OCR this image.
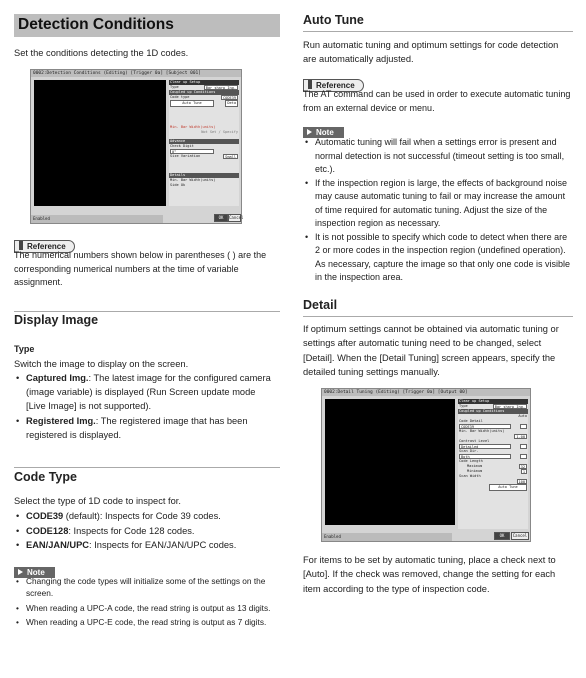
Detection Conditions

Set the conditions detecting the 1D codes.

0002:Detection Conditions (Editing) [Trigger 0a] [Subject 001]
Clear up Setup
Type	Bar sharp Ing.
Coupled up Conditions
Code type	CODE39
Auto Tune	Deta
Min. Bar Width(units)
Not Set / Specify
Advance
Check Digit
0°
Size Variation	Small
Details
Min. Bar Width(units)
Side Ok
Enabled	OK	Cancel
Reference

The numerical numbers shown below in parentheses ( ) are the corresponding numerical numbers at the time of variable assignment.

Display Image
Type
Switch the image to display on the screen.
• Captured Img.: The latest image for the configured camera (image variable) is displayed (Run Screen update mode [Live Image] is not supported).
• Registered Img.: The registered image that has been registered is displayed.
Code Type

Select the type of 1D code to inspect for.

• CODE39 (default): Inspects for Code 39 codes.
• CODE128: Inspects for Code 128 codes.
• EAN/JAN/UPC: Inspects for EAN/JAN/UPC codes.
Note
• Changing the code types will initialize some of the settings on the screen.
• When reading a UPC-A code, the read string is output as 13 digits.
• When reading a UPC-E code, the read string is output as 7 digits.
Auto Tune

Run automatic tuning and optimum settings for code detection are automatically adjusted.

Reference

The AT command can be used in order to execute automatic tuning from an external device or menu.

Note
• Automatic tuning will fail when a settings error is present and normal detection is not successful (timeout setting is too small, etc.).
• If the inspection region is large, the effects of background noise may cause automatic tuning to fail or may increase the amount of time required for automatic tuning. Adjust the size of the inspection region as necessary.
• It is not possible to specify which code to detect when there are 2 or more codes in the inspection region (undefined operation). As necessary, capture the image so that only one code is visible in the inspection area.
Detail

If optimum settings cannot be obtained via automatic tuning or settings after automatic tuning need to be changed, select [Detail]. When the [Detail Tuning] screen appears, specify the detailed tuning settings manually.

0002:Detail Tuning (Editing) [Trigger 0a] [Output 00]
Clear up Setup
Type	Bar sharp Ing.
Coupled up Conditions
Auto
Code Detail
CODE39
Min. Bar Width(units)
1.00
Contrast Level
Detailed
Scan Dir.
Both
Code Length
Maximum	32
Minimum	1
Scan Width
100
Auto Tune
Enabled	OK	Cancel

For items to be set by automatic tuning, place a check next to [Auto]. If the check was removed, change the setting for each item according to the type of inspection code.
